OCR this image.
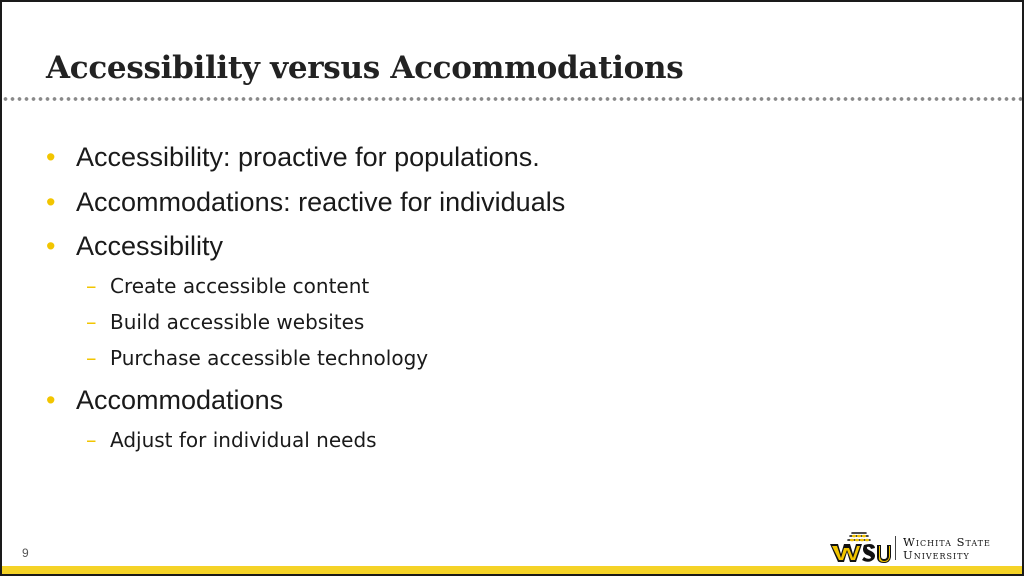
Accessibility versus Accommodations
• Accessibility: proactive for populations.
• Accommodations: reactive for individuals
• Accessibility
– Create accessible content
– Build accessible websites
– Purchase accessible technology
• Accommodations
– Adjust for individual needs
9
Wichita State
University
